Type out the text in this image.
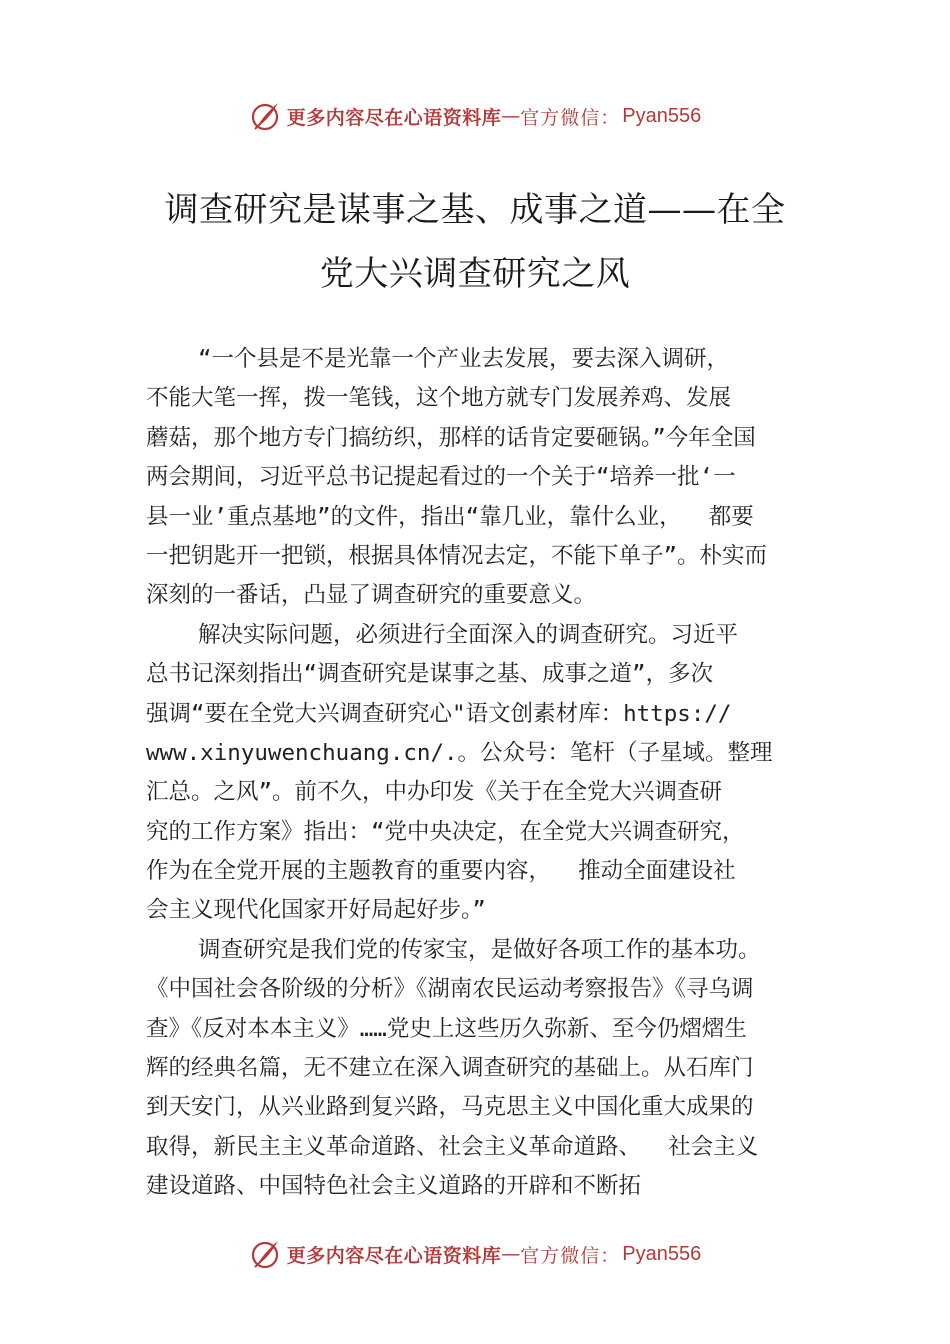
更多内容尽在心语资料库 — 官方微信： Pyan556
调查研究是谋事之基、成事之道——在全
党大兴调查研究之风
“一个县是不是光靠一个产业去发展，要去深入调研，
不能大笔一挥，拨一笔钱，这个地方就专门发展养鸡、发展
蘑菇，那个地方专门搞纺织，那样的话肯定要砸锅。”今年全国
两会期间，习近平总书记提起看过的一个关于“培养一批‘一
县一业’重点基地”的文件，指出“靠几业，靠什么业，  都要
一把钥匙开一把锁，根据具体情况去定，不能下单子”。朴实而
深刻的一番话，凸显了调查研究的重要意义。
解决实际问题，必须进行全面深入的调查研究。习近平
总书记深刻指出“调查研究是谋事之基、成事之道”，多次
强调“要在全党大兴调查研究心"语文创素材库：https://
www.xinyuwenchuang.cn/.。公众号：笔杆（子星域。整理
汇总。之风”。前不久，中办印发《关于在全党大兴调查研
究的工作方案》指出：“党中央决定，在全党大兴调查研究，
作为在全党开展的主题教育的重要内容，  推动全面建设社
会主义现代化国家开好局起好步。”
调查研究是我们党的传家宝，是做好各项工作的基本功。
《中国社会各阶级的分析》《湖南农民运动考察报告》《寻乌调
查》《反对本本主义》……党史上这些历久弥新、至今仍熠熠生
辉的经典名篇，无不建立在深入调查研究的基础上。从石库门
到天安门，从兴业路到复兴路，马克思主义中国化重大成果的
取得，新民主主义革命道路、社会主义革命道路、  社会主义
建设道路、中国特色社会主义道路的开辟和不断拓
更多内容尽在心语资料库 — 官方微信： Pyan556
